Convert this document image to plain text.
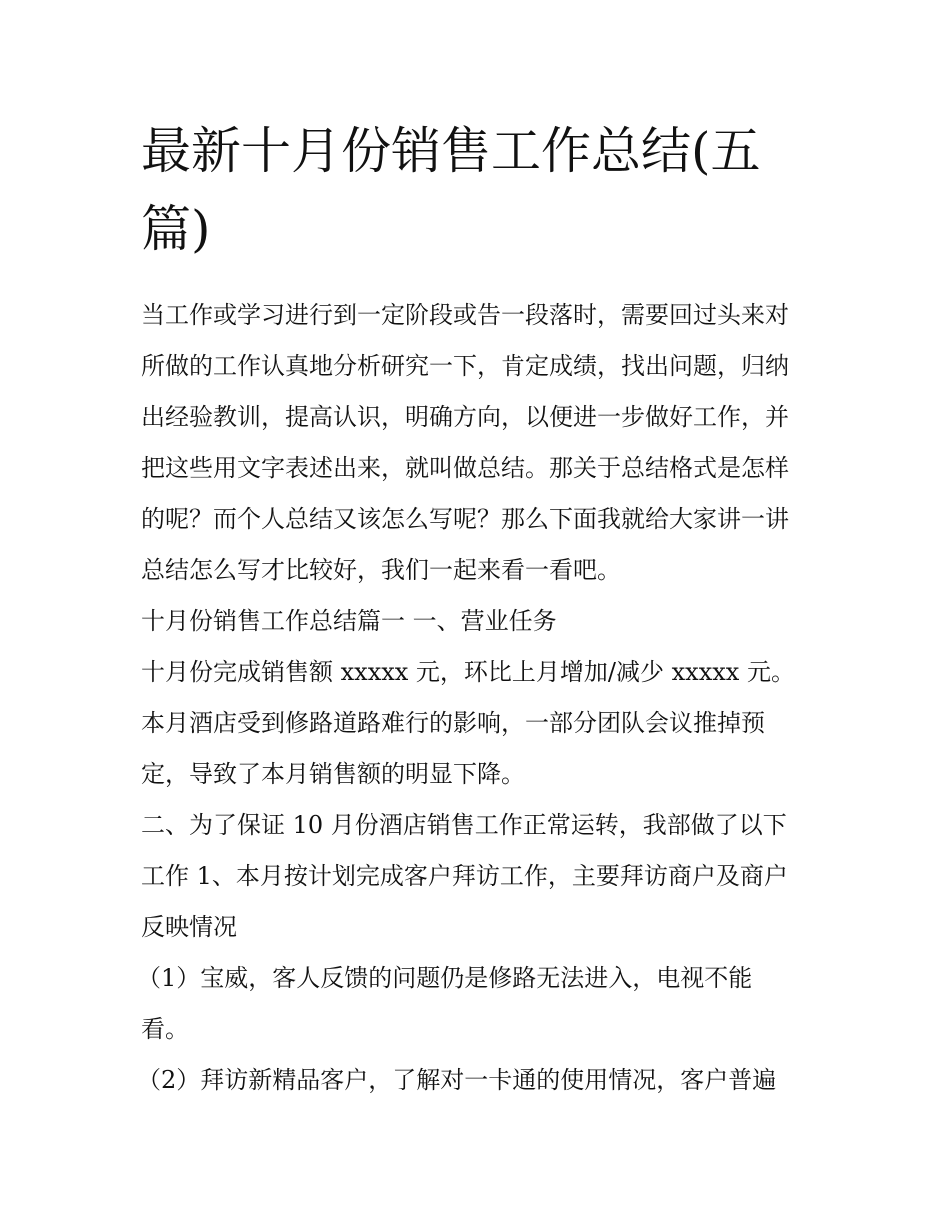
最新十月份销售工作总结(五
篇)

当工作或学习进行到一定阶段或告一段落时，需要回过头来对

所做的工作认真地分析研究一下，肯定成绩，找出问题，归纳

出经验教训，提高认识，明确方向，以便进一步做好工作，并

把这些用文字表述出来，就叫做总结。那关于总结格式是怎样

的呢？而个人总结又该怎么写呢？那么下面我就给大家讲一讲

总结怎么写才比较好，我们一起来看一看吧。

十月份销售工作总结篇一 一、营业任务

十月份完成销售额 xxxxx 元，环比上月增加/减少 xxxxx 元。

本月酒店受到修路道路难行的影响，一部分团队会议推掉预

定，导致了本月销售额的明显下降。

二、为了保证 10 月份酒店销售工作正常运转，我部做了以下

工作 1、本月按计划完成客户拜访工作，主要拜访商户及商户

反映情况

（1）宝威，客人反馈的问题仍是修路无法进入，电视不能

看。

（2）拜访新精品客户，了解对一卡通的使用情况，客户普遍
